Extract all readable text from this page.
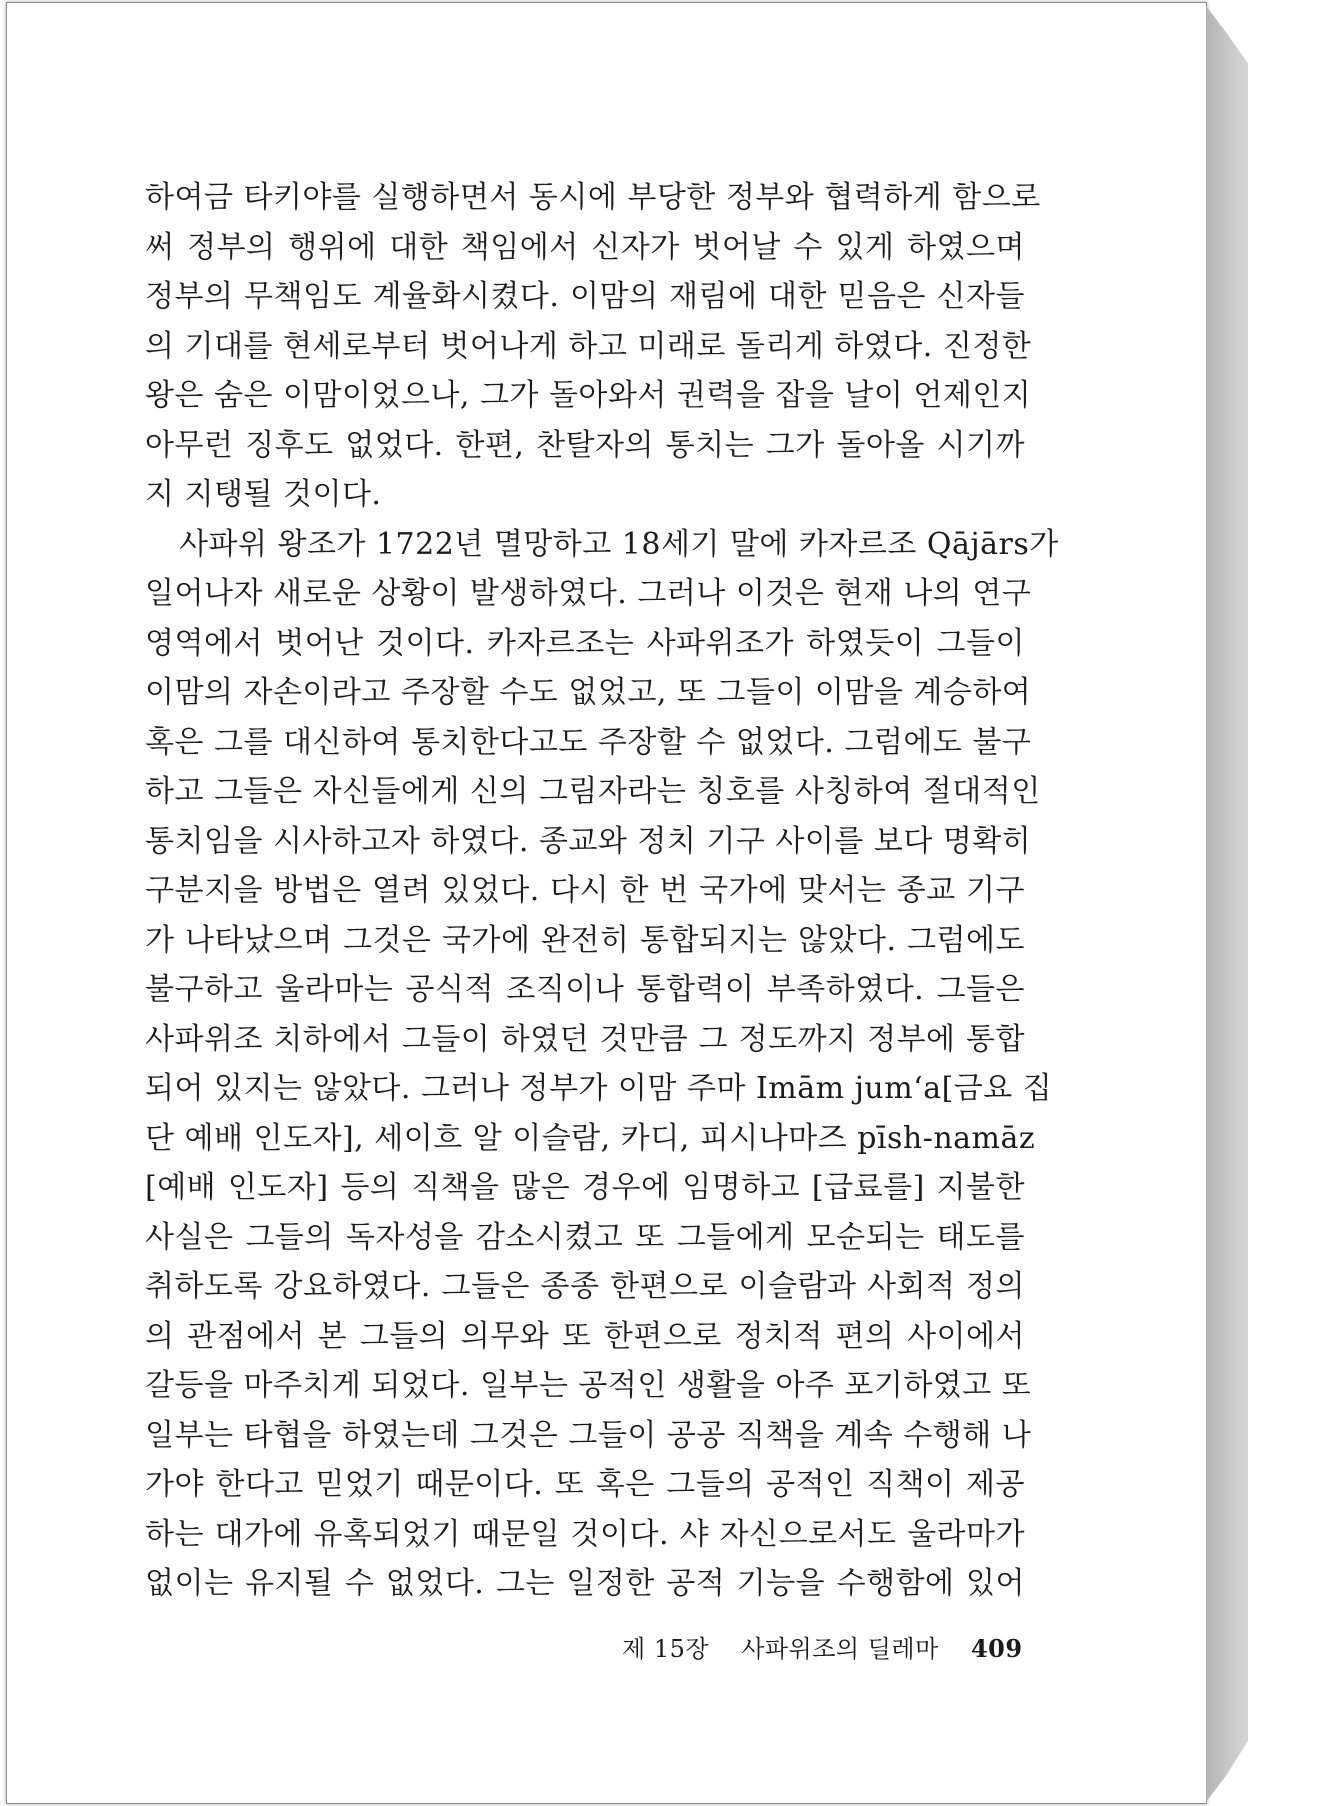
하여금 타키야를 실행하면서 동시에 부당한 정부와 협력하게 함으로
써 정부의 행위에 대한 책임에서 신자가 벗어날 수 있게 하였으며
정부의 무책임도 계율화시켰다. 이맘의 재림에 대한 믿음은 신자들
의 기대를 현세로부터 벗어나게 하고 미래로 돌리게 하였다. 진정한
왕은 숨은 이맘이었으나, 그가 돌아와서 권력을 잡을 날이 언제인지
아무런 징후도 없었다. 한편, 찬탈자의 통치는 그가 돌아올 시기까
지 지탱될 것이다.
사파위 왕조가 1722년 멸망하고 18세기 말에 카자르조 Qājārs가
일어나자 새로운 상황이 발생하였다. 그러나 이것은 현재 나의 연구
영역에서 벗어난 것이다. 카자르조는 사파위조가 하였듯이 그들이
이맘의 자손이라고 주장할 수도 없었고, 또 그들이 이맘을 계승하여
혹은 그를 대신하여 통치한다고도 주장할 수 없었다. 그럼에도 불구
하고 그들은 자신들에게 신의 그림자라는 칭호를 사칭하여 절대적인
통치임을 시사하고자 하였다. 종교와 정치 기구 사이를 보다 명확히
구분지을 방법은 열려 있었다. 다시 한 번 국가에 맞서는 종교 기구
가 나타났으며 그것은 국가에 완전히 통합되지는 않았다. 그럼에도
불구하고 울라마는 공식적 조직이나 통합력이 부족하였다. 그들은
사파위조 치하에서 그들이 하였던 것만큼 그 정도까지 정부에 통합
되어 있지는 않았다. 그러나 정부가 이맘 주마 Imām jum‘a[금요 집
단 예배 인도자], 세이흐 알 이슬람, 카디, 피시나마즈 pīsh-namāz
[예배 인도자] 등의 직책을 많은 경우에 임명하고 [급료를] 지불한
사실은 그들의 독자성을 감소시켰고 또 그들에게 모순되는 태도를
취하도록 강요하였다. 그들은 종종 한편으로 이슬람과 사회적 정의
의 관점에서 본 그들의 의무와 또 한편으로 정치적 편의 사이에서
갈등을 마주치게 되었다. 일부는 공적인 생활을 아주 포기하였고 또
일부는 타협을 하였는데 그것은 그들이 공공 직책을 계속 수행해 나
가야 한다고 믿었기 때문이다. 또 혹은 그들의 공적인 직책이 제공
하는 대가에 유혹되었기 때문일 것이다. 샤 자신으로서도 울라마가
없이는 유지될 수 없었다. 그는 일정한 공적 기능을 수행함에 있어
제 15장 사파위조의 딜레마 409
